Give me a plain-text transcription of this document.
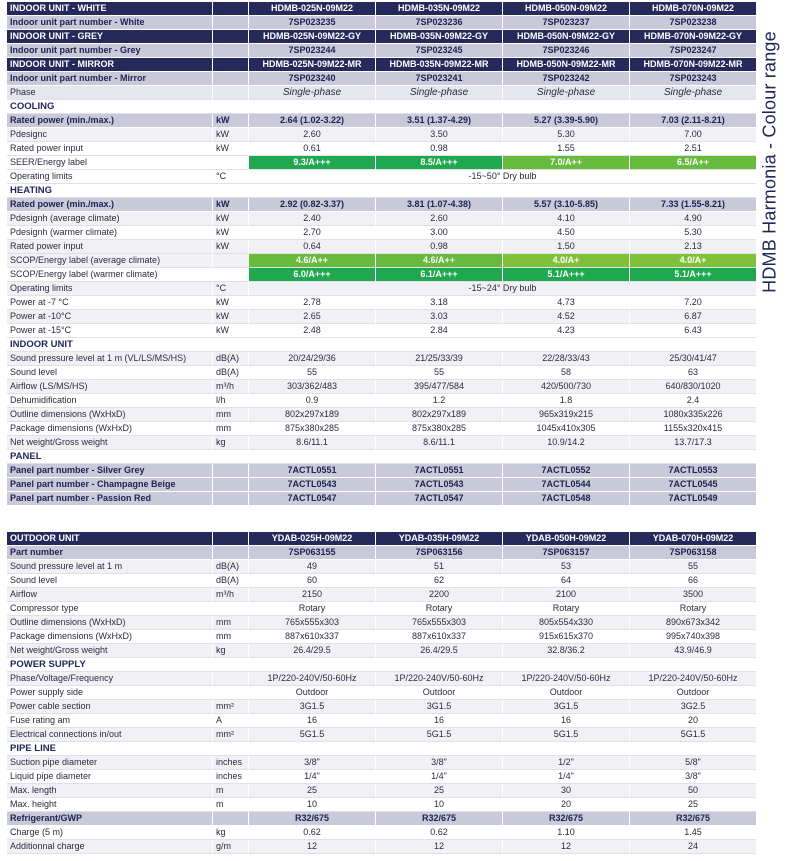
HDMB Harmonia - Colour range
INDOOR UNIT - WHITE		HDMB-025N-09M22	HDMB-035N-09M22	HDMB-050N-09M22	HDMB-070N-09M22
Indoor unit part number - White		7SP023235	7SP023236	7SP023237	7SP023238
INDOOR UNIT - GREY		HDMB-025N-09M22-GY	HDMB-035N-09M22-GY	HDMB-050N-09M22-GY	HDMB-070N-09M22-GY
Indoor unit part number - Grey		7SP023244	7SP023245	7SP023246	7SP023247
INDOOR UNIT - MIRROR		HDMB-025N-09M22-MR	HDMB-035N-09M22-MR	HDMB-050N-09M22-MR	HDMB-070N-09M22-MR
Indoor unit part number - Mirror		7SP023240	7SP023241	7SP023242	7SP023243
Phase		Single-phase	Single-phase	Single-phase	Single-phase
COOLING					
Rated power (min./max.)	kW	2.64 (1.02-3.22)	3.51 (1.37-4.29)	5.27 (3.39-5.90)	7.03 (2.11-8.21)
Pdesignc	kW	2.60	3.50	5.30	7.00
Rated power input	kW	0.61	0.98	1.55	2.51
SEER/Energy label		9.3/A+++	8.5/A+++	7.0/A++	6.5/A++
Operating limits	°C	-15~50° Dry bulb			
HEATING					
Rated power (min./max.)	kW	2.92 (0.82-3.37)	3.81 (1.07-4.38)	5.57 (3.10-5.85)	7.33 (1.55-8.21)
Pdesignh (average climate)	kW	2.40	2.60	4.10	4.90
Pdesignh (warmer climate)	kW	2.70	3.00	4.50	5.30
Rated power input	kW	0.64	0.98	1.50	2.13
SCOP/Energy label (average climate)		4.6/A++	4.6/A++	4.0/A+	4.0/A+
SCOP/Energy label (warmer climate)		6.0/A+++	6.1/A+++	5.1/A+++	5.1/A+++
Operating limits	°C	-15~24° Dry bulb			
Power at -7 °C	kW	2.78	3.18	4.73	7.20
Power at -10°C	kW	2.65	3.03	4.52	6.87
Power at -15°C	kW	2.48	2.84	4.23	6.43
INDOOR UNIT					
Sound pressure level at 1 m (VL/LS/MS/HS)	dB(A)	20/24/29/36	21/25/33/39	22/28/33/43	25/30/41/47
Sound level	dB(A)	55	55	58	63
Airflow (LS/MS/HS)	m³/h	303/362/483	395/477/584	420/500/730	640/830/1020
Dehumidification	l/h	0.9	1.2	1.8	2.4
Outline dimensions (WxHxD)	mm	802x297x189	802x297x189	965x319x215	1080x335x226
Package dimensions (WxHxD)	mm	875x380x285	875x380x285	1045x410x305	1155x320x415
Net weight/Gross weight	kg	8.6/11.1	8.6/11.1	10.9/14.2	13.7/17.3
PANEL					
Panel part number - Silver Grey		7ACTL0551	7ACTL0551	7ACTL0552	7ACTL0553
Panel part number - Champagne Beige		7ACTL0543	7ACTL0543	7ACTL0544	7ACTL0545
Panel part number - Passion Red		7ACTL0547	7ACTL0547	7ACTL0548	7ACTL0549
OUTDOOR UNIT		YDAB-025H-09M22	YDAB-035H-09M22	YDAB-050H-09M22	YDAB-070H-09M22
Part number		7SP063155	7SP063156	7SP063157	7SP063158
Sound pressure level at 1 m	dB(A)	49	51	53	55
Sound level	dB(A)	60	62	64	66
Airflow	m³/h	2150	2200	2100	3500
Compressor type		Rotary	Rotary	Rotary	Rotary
Outline dimensions (WxHxD)	mm	765x555x303	765x555x303	805x554x330	890x673x342
Package dimensions (WxHxD)	mm	887x610x337	887x610x337	915x615x370	995x740x398
Net weight/Gross weight	kg	26.4/29.5	26.4/29.5	32.8/36.2	43.9/46.9
POWER SUPPLY					
Phase/Voltage/Frequency		1P/220-240V/50-60Hz	1P/220-240V/50-60Hz	1P/220-240V/50-60Hz	1P/220-240V/50-60Hz
Power supply side		Outdoor	Outdoor	Outdoor	Outdoor
Power cable section	mm²	3G1.5	3G1.5	3G1.5	3G2.5
Fuse rating am	A	16	16	16	20
Electrical connections in/out	mm²	5G1.5	5G1.5	5G1.5	5G1.5
PIPE LINE					
Suction pipe diameter	inches	3/8"	3/8"	1/2"	5/8"
Liquid pipe diameter	inches	1/4"	1/4"	1/4"	3/8"
Max. length	m	25	25	30	50
Max. height	m	10	10	20	25
Refrigerant/GWP		R32/675	R32/675	R32/675	R32/675
Charge (5 m)	kg	0.62	0.62	1.10	1.45
Additionnal charge	g/m	12	12	12	24
